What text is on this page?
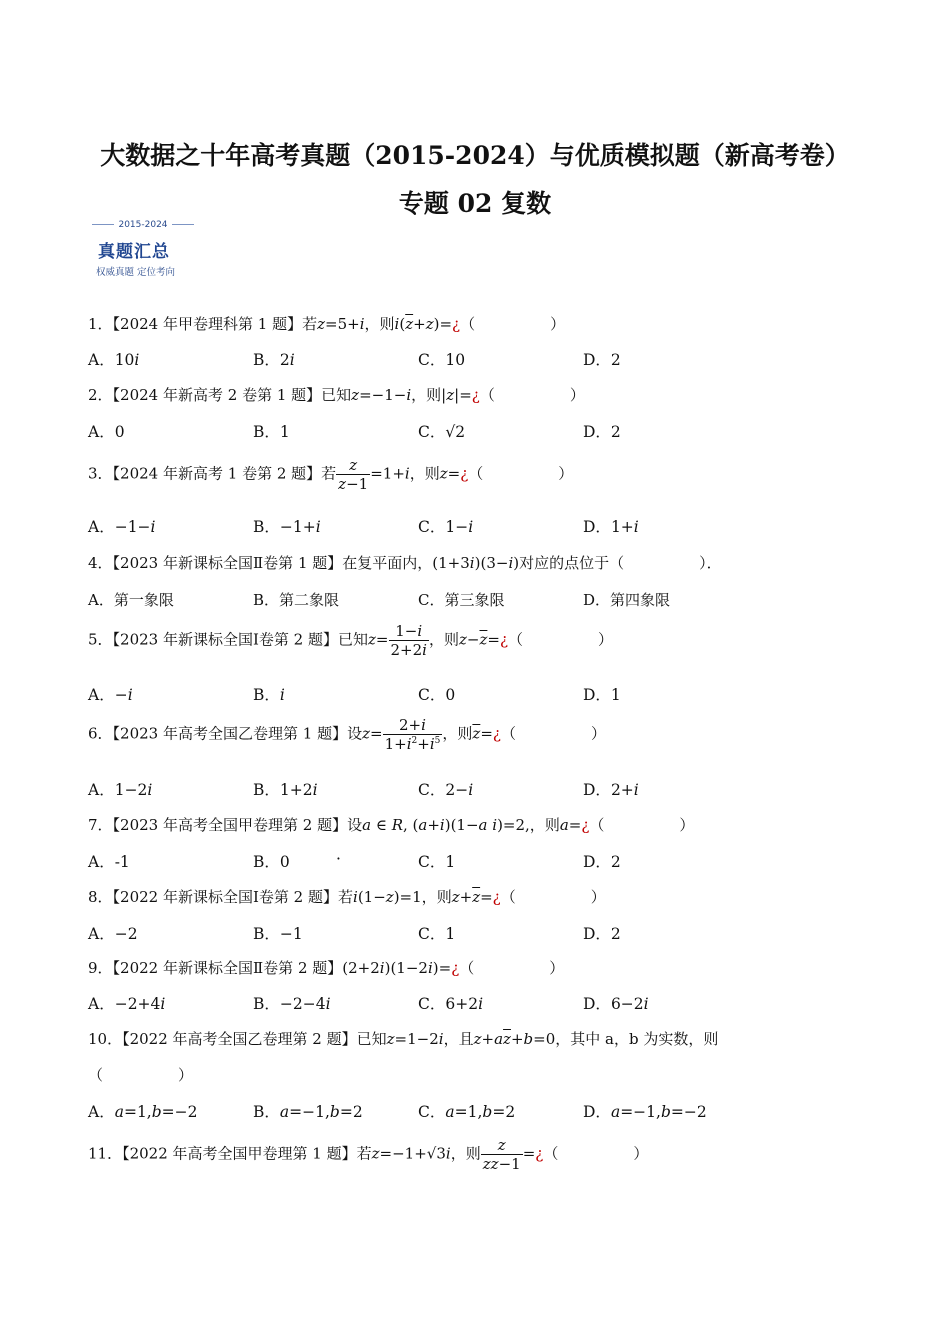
大数据之十年高考真题（2015-2024）与优质模拟题（新高考卷）
专题 02 复数
2015-2024
真题汇总
权威真题 定位考向
1．【2024 年甲卷理科第 1 题】若z=5+i，则$i(\overline{z}+z)=¿$（　　　　　）
A．10i	B．2i	C．10	D．2
2．【2024 年新高考 2 卷第 1 题】已知z=−1−i，则|z|=¿（　　　　　）
A．0	B．1	C．√2	D．2
3．【2024 年新高考 1 卷第 2 题】若 $\frac{z}{z-1} =1+i$，则z=¿（　　　　　）
A．−1−i	B．−1+i	C．1−i	D．1+i
4．【2023 年新课标全国Ⅱ卷第 1 题】在复平面内，(1+3i)(3−i)对应的点位于（　　　　　）．
A．第一象限	B．第二象限	C．第三象限	D．第四象限
5．【2023 年新课标全国Ⅰ卷第 2 题】已知$z= \frac{1-i}{2+2i}$ ，则$z-\overline{z}=¿$（　　　　　）
A．−i	B．i	C．0	D．1
6．【2023 年高考全国乙卷理第 1 题】设$z= \frac{2+i}{1+i^2+i^5}$ ，则$\overline{z}=¿$（　　　　　）
A．1−2i	B．1+2i	C．2−i	D．2+i
7．【2023 年高考全国甲卷理第 2 题】设a ∈ R, (a+i)(1−a i)=2,，则a=¿（　　　　　）
A．-1	B．0	·	C．1	D．2
8．【2022 年新课标全国Ⅰ卷第 2 题】若i(1−z)=1，则$z+\overline{z}=¿$（　　　　　）
A．−2	B．−1	C．1	D．2
9．【2022 年新课标全国Ⅱ卷第 2 题】(2+2i)(1−2i)=¿（　　　　　）
A．−2+4i	B．−2−4i	C．6+2i	D．6−2i
10．【2022 年高考全国乙卷理第 2 题】已知z=1−2i，且$z+a\overline{z}+b=0$，其中 a，b 为实数，则
（　　　　　）
A．a=1,b=−2	B．a=−1,b=2	C．a=1,b=2	D．a=−1,b=−2
11．【2022 年高考全国甲卷理第 1 题】若z=−1+√3i，则 $\frac{z}{z\overline{z}-1}$ =¿（　　　　　）
